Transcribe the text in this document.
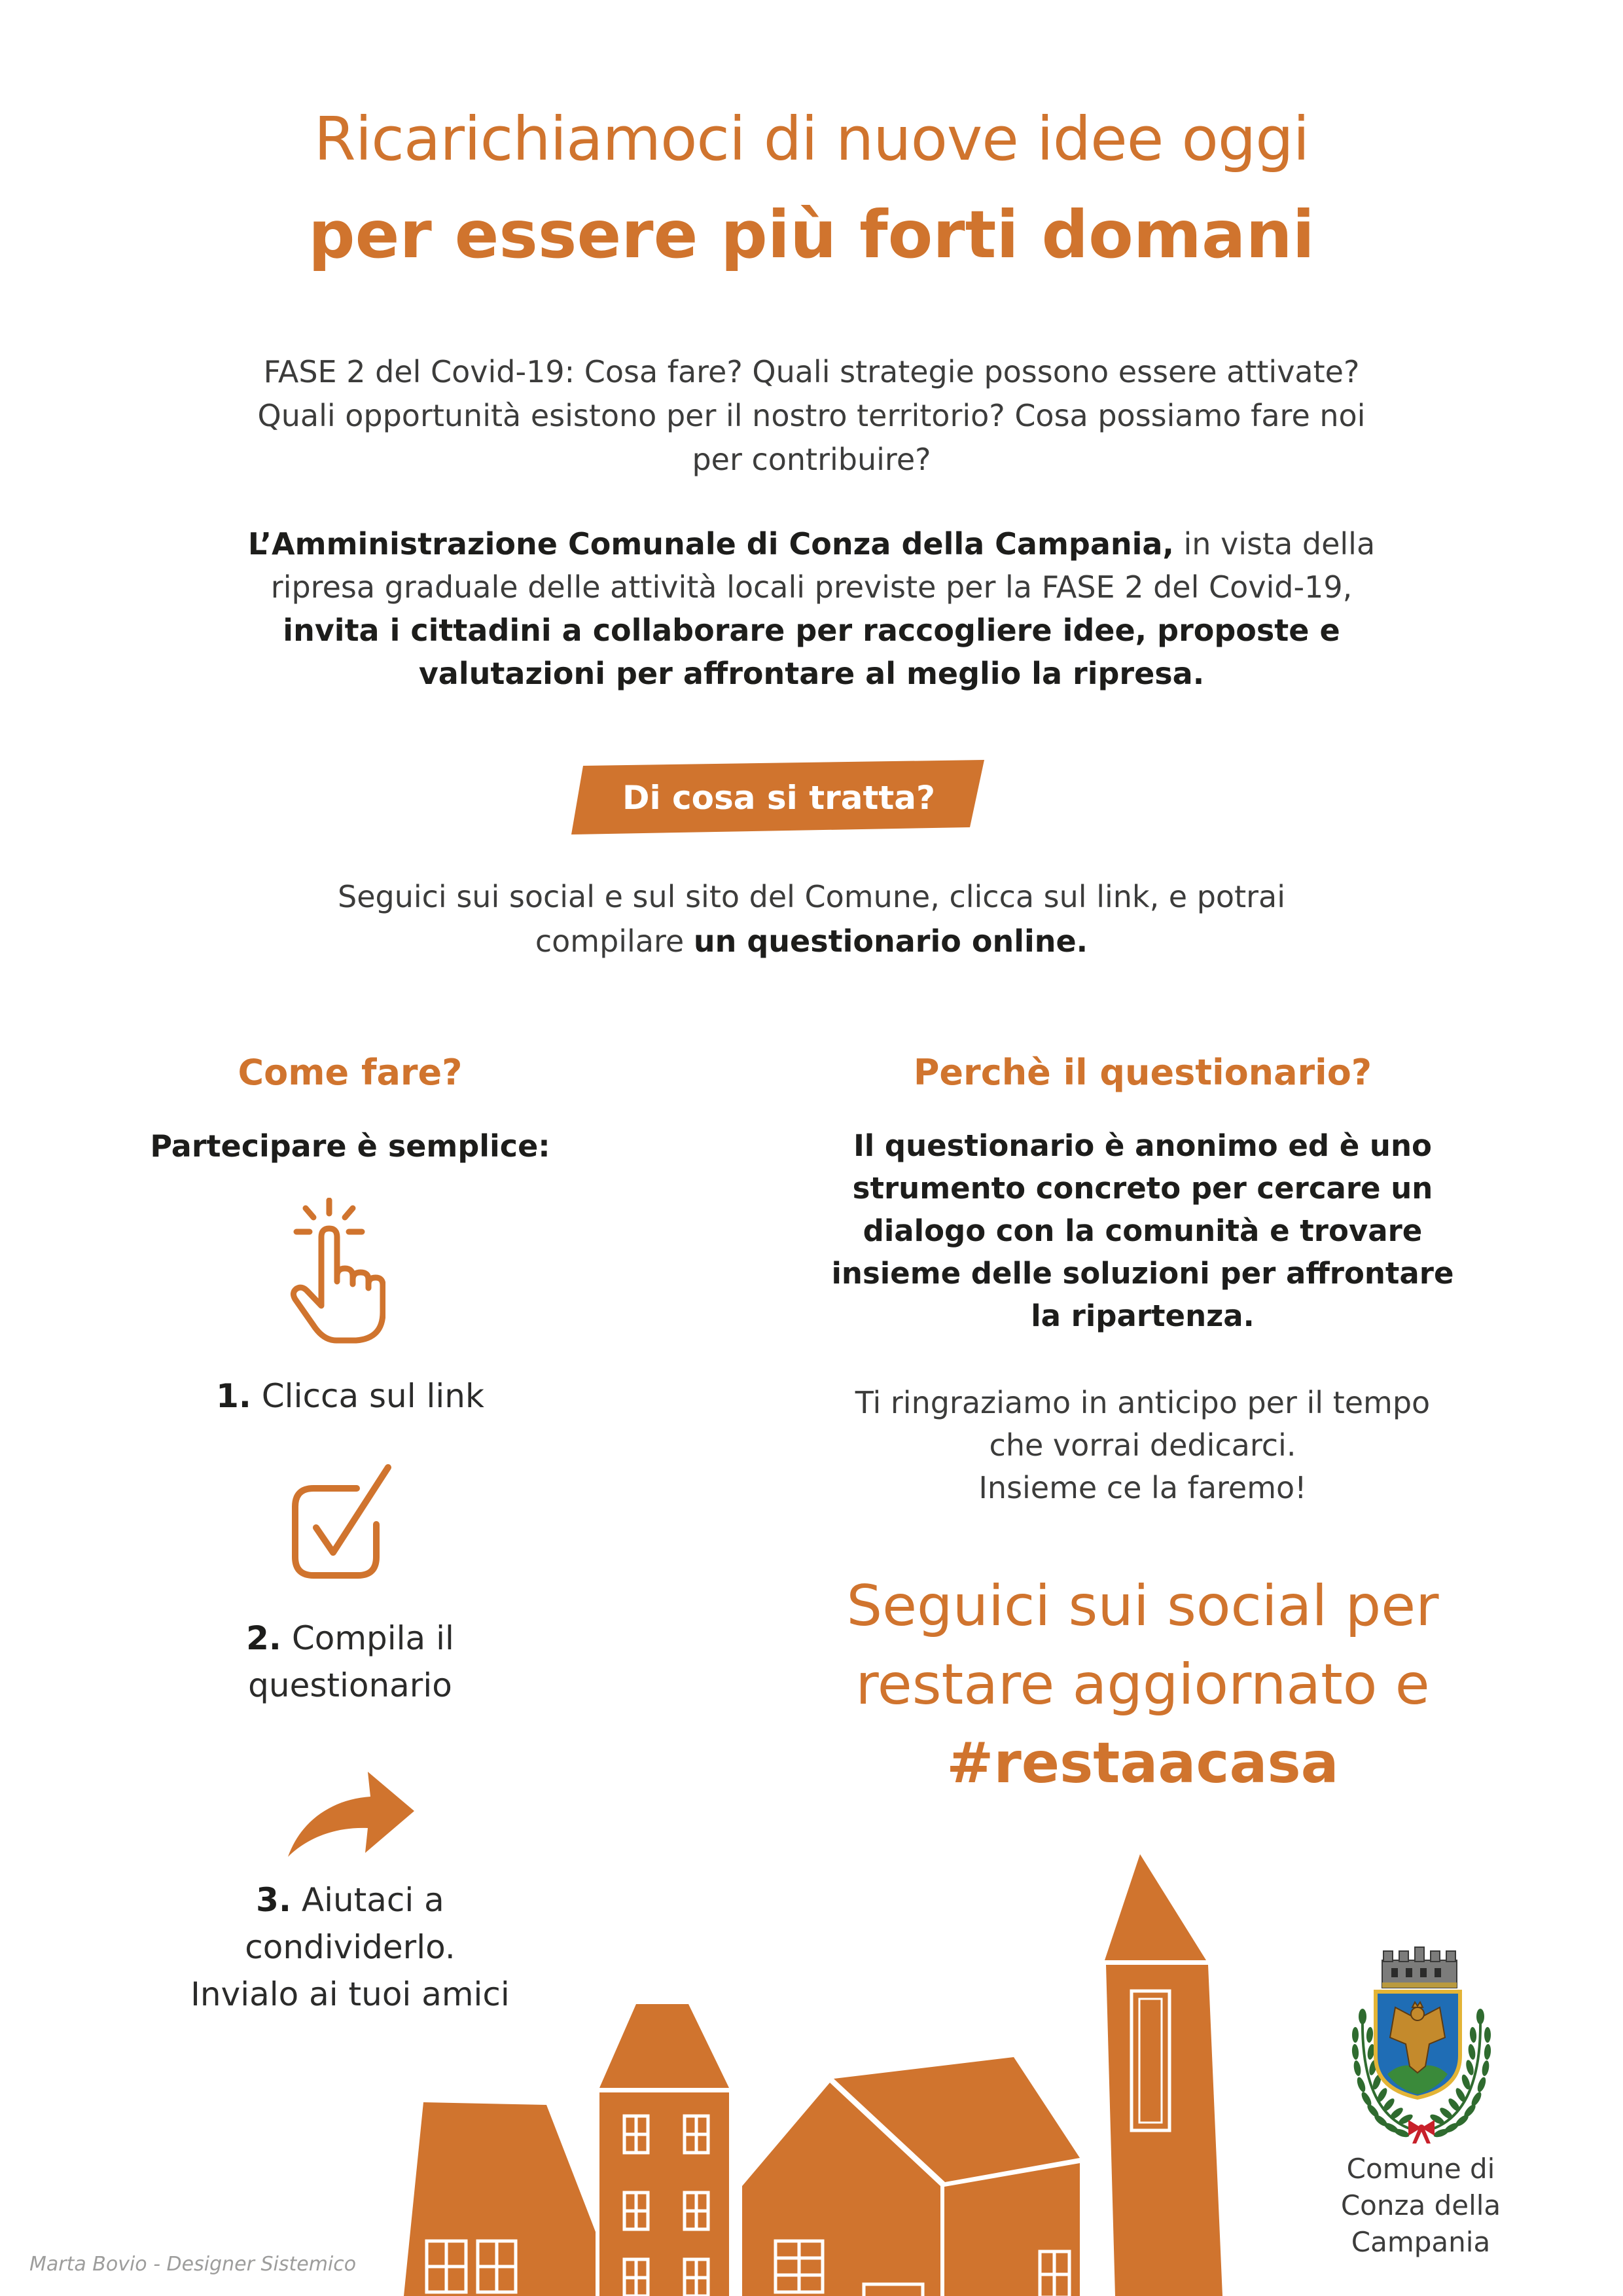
Ricarichiamoci di nuove idee oggi
per essere più forti domani
FASE 2 del Covid-19: Cosa fare? Quali strategie possono essere attivate?
Quali opportunità esistono per il nostro territorio? Cosa possiamo fare noi
per contribuire?
L’Amministrazione Comunale di Conza della Campania, in vista della
ripresa graduale delle attività locali previste per la FASE 2 del Covid-19,
invita i cittadini a collaborare per raccogliere idee, proposte e
valutazioni per affrontare al meglio la ripresa.
Di cosa si tratta?
Seguici sui social e sul sito del Comune, clicca sul link, e potrai
compilare un questionario online.
Come fare?
Partecipare è semplice:
1. Clicca sul link
2. Compila il
questionario
3. Aiutaci a
condividerlo.
Invialo ai tuoi amici
Perchè il questionario?
Il questionario è anonimo ed è uno
strumento concreto per cercare un
dialogo con la comunità e trovare
insieme delle soluzioni per affrontare
la ripartenza.
Ti ringraziamo in anticipo per il tempo
che vorrai dedicarci.
Insieme ce la faremo!
Seguici sui social per
restare aggiornato e
#restaacasa
Comune di
Conza della
Campania
Marta Bovio - Designer Sistemico
